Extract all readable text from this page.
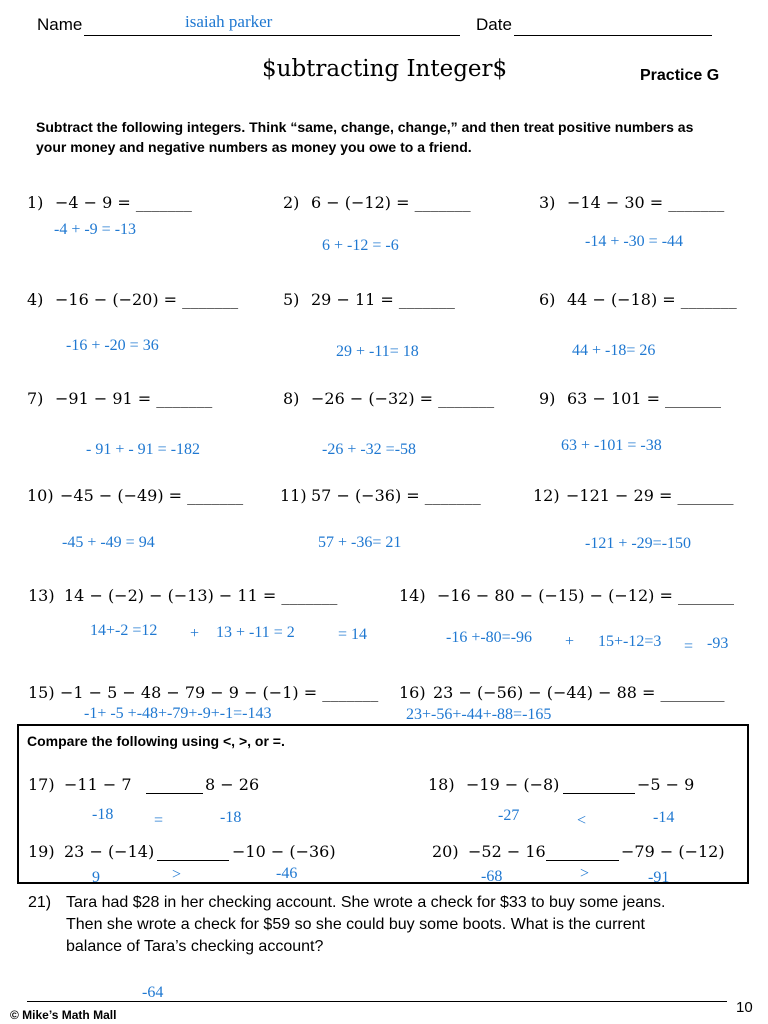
Name	isaiah parker	Date
$ubtracting Integer$	Practice G
Subtract the following integers. Think “same, change, change,” and then treat positive numbers as your money and negative numbers as money you owe to a friend.
1) −4 − 9 = _______
-4 + -9 = -13
2) 6 − (−12) = _______
6 + -12 = -6
3) −14 − 30 = _______
-14 + -30 = -44
4) −16 − (−20) = _______
-16 + -20 = 36
5) 29 − 11 = _______
29 + -11= 18
6) 44 − (−18) = _______
44 + -18= 26
7) −91 − 91 = _______
- 91 + - 91 = -182
8) −26 − (−32) = _______
-26 + -32 =-58
9) 63 − 101 = _______
63 + -101 = -38
10) −45 − (−49) = _______
-45 + -49 = 94
11) 57 − (−36) = _______
57 + -36= 21
12) −121 − 29 = _______
-121 + -29=-150
13) 14 − (−2) − (−13) − 11 = _______
14+-2 =12 + 13 + -11 = 2	= 14
14) −16 − 80 − (−15) − (−12) = _______
-16 +-80=-96 + 15+-12=3 = -93
15) −1 − 5 − 48 − 79 − 9 − (−1) = _______
-1+ -5 +-48+-79+-9+-1=-143
16) 23 − (−56) − (−44) − 88 = ________
23+-56+-44+-88=-165
Compare the following using <, >, or =.
17) −11 − 7	8 − 26
-18	=	-18
18) −19 − (−8)	−5 − 9
-27	<	-14
19) 23 − (−14)	−10 − (−36)
9	>	-46
20) −52 − 16	−79 − (−12)
-68	>	-91
21) Tara had $28 in her checking account. She wrote a check for $33 to buy some jeans.
Then she wrote a check for $59 so she could buy some boots. What is the current
balance of Tara’s checking account?
-64
© Mike’s Math Mall	10
